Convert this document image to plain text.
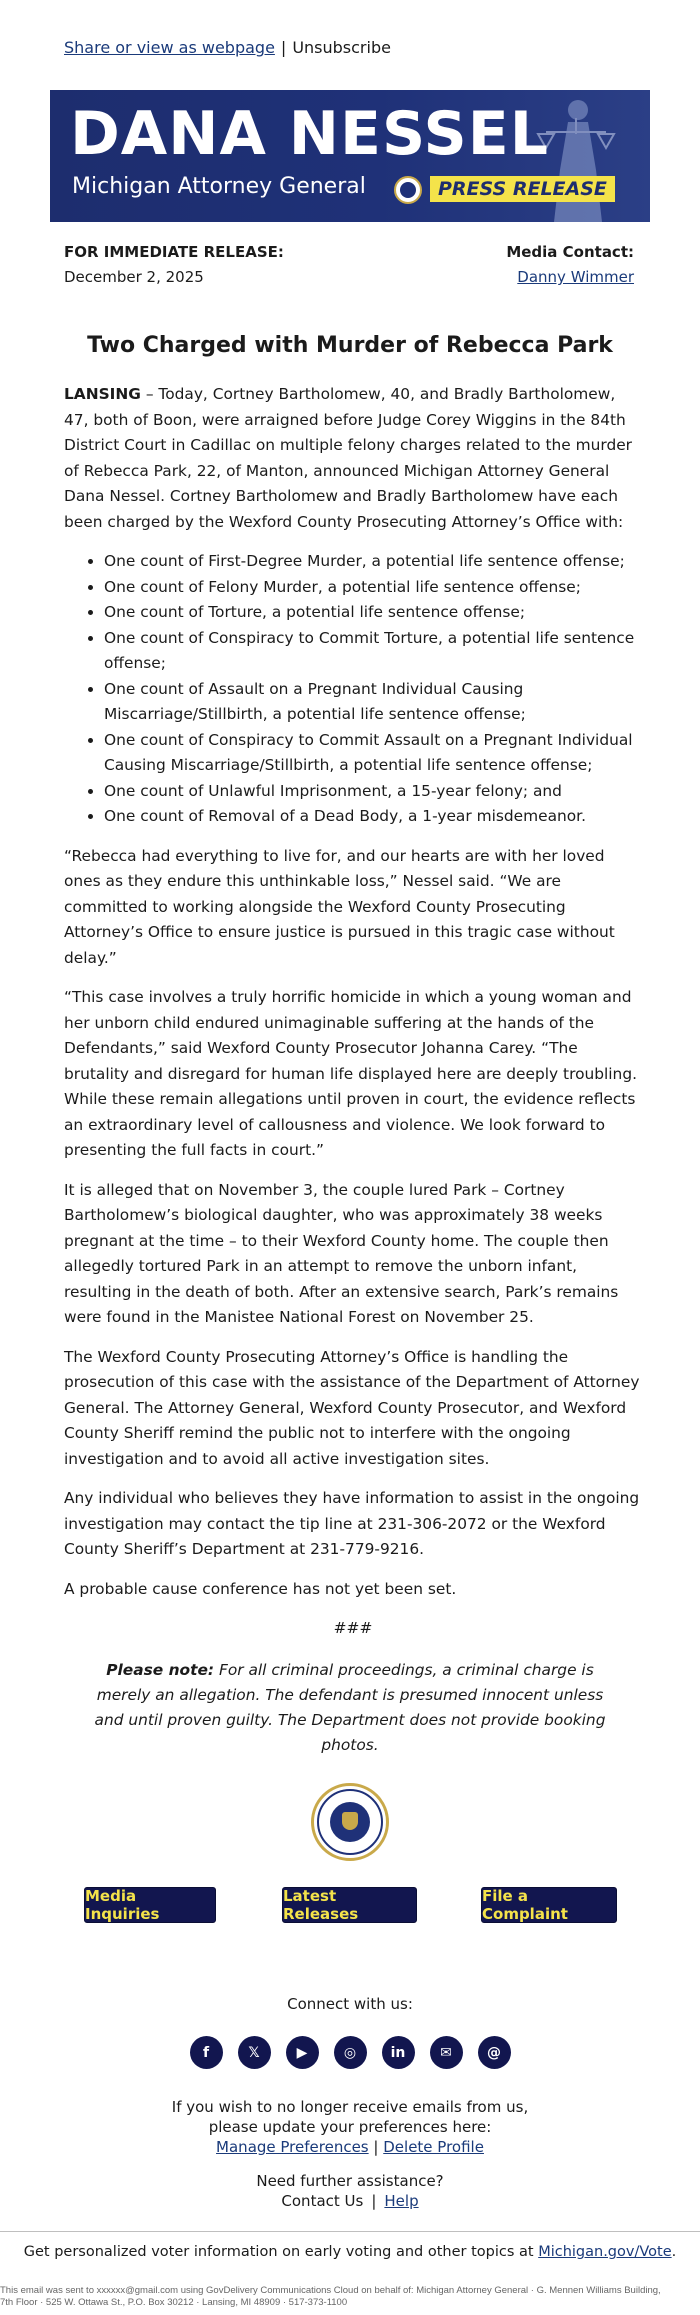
Share or view as webpage | Unsubscribe
DANA NESSEL
Michigan Attorney General	PRESS RELEASE
FOR IMMEDIATE RELEASE:
December 2, 2025
Media Contact:
Danny Wimmer
Two Charged with Murder of Rebecca Park

LANSING – Today, Cortney Bartholomew, 40, and Bradly Bartholomew, 47, both of Boon, were arraigned before Judge Corey Wiggins in the 84th District Court in Cadillac on multiple felony charges related to the murder of Rebecca Park, 22, of Manton, announced Michigan Attorney General Dana Nessel. Cortney Bartholomew and Bradly Bartholomew have each been charged by the Wexford County Prosecuting Attorney’s Office with:

• One count of First-Degree Murder, a potential life sentence offense;
• One count of Felony Murder, a potential life sentence offense;
• One count of Torture, a potential life sentence offense;
• One count of Conspiracy to Commit Torture, a potential life sentence offense;
• One count of Assault on a Pregnant Individual Causing Miscarriage/Stillbirth, a potential life sentence offense;
• One count of Conspiracy to Commit Assault on a Pregnant Individual Causing Miscarriage/Stillbirth, a potential life sentence offense;
• One count of Unlawful Imprisonment, a 15-year felony; and
• One count of Removal of a Dead Body, a 1-year misdemeanor.

“Rebecca had everything to live for, and our hearts are with her loved ones as they endure this unthinkable loss,” Nessel said. “We are committed to working alongside the Wexford County Prosecuting Attorney’s Office to ensure justice is pursued in this tragic case without delay.”

“This case involves a truly horrific homicide in which a young woman and her unborn child endured unimaginable suffering at the hands of the Defendants,” said Wexford County Prosecutor Johanna Carey. “The brutality and disregard for human life displayed here are deeply troubling. While these remain allegations until proven in court, the evidence reflects an extraordinary level of callousness and violence. We look forward to presenting the full facts in court.”

It is alleged that on November 3, the couple lured Park – Cortney Bartholomew’s biological daughter, who was approximately 38 weeks pregnant at the time – to their Wexford County home. The couple then allegedly tortured Park in an attempt to remove the unborn infant, resulting in the death of both. After an extensive search, Park’s remains were found in the Manistee National Forest on November 25.

The Wexford County Prosecuting Attorney’s Office is handling the prosecution of this case with the assistance of the Department of Attorney General. The Attorney General, Wexford County Prosecutor, and Wexford County Sheriff remind the public not to interfere with the ongoing investigation and to avoid all active investigation sites.

Any individual who believes they have information to assist in the ongoing investigation may contact the tip line at 231-306-2072 or the Wexford County Sheriff’s Department at 231-779-9216.

A probable cause conference has not yet been set.

###
Please note: For all criminal proceedings, a criminal charge is merely an allegation. The defendant is presumed innocent unless and until proven guilty. The Department does not provide booking photos.
Media Inquiries
Latest Releases
File a Complaint
Connect with us:
f	𝕏	▶	◎	in	✉	@
If you wish to no longer receive emails from us,
please update your preferences here:
Manage Preferences | Delete Profile
Need further assistance?
Contact Us | Help
Get personalized voter information on early voting and other topics at Michigan.gov/Vote.
This email was sent to xxxxxx@gmail.com using GovDelivery Communications Cloud on behalf of: Michigan Attorney General · G. Mennen Williams Building,
7th Floor · 525 W. Ottawa St., P.O. Box 30212 · Lansing, MI 48909 · 517-373-1100
